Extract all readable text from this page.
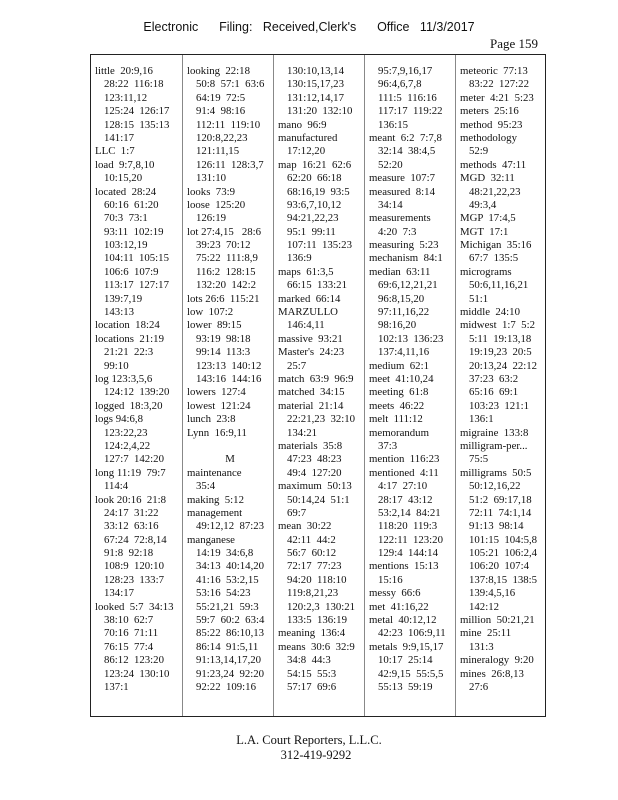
Electronic      Filing:   Received,Clerk's      Office   11/3/2017
Page 159
little  20:9,16
28:22  116:18
123:11,12
125:24  126:17
128:15  135:13
141:17
LLC  1:7
load  9:7,8,10
10:15,20
located  28:24
60:16  61:20
70:3  73:1
93:11  102:19
103:12,19
104:11  105:15
106:6  107:9
113:17  127:17
139:7,19
143:13
location  18:24
locations  21:19
21:21  22:3
99:10
log 123:3,5,6
124:12  139:20
logged  18:3,20
logs 94:6,8
123:22,23
124:2,4,22
127:7  142:20
long 11:19  79:7
114:4
look 20:16  21:8
24:17  31:22
33:12  63:16
67:24  72:8,14
91:8  92:18
108:9  120:10
128:23  133:7
134:17
looked  5:7  34:13
38:10  62:7
70:16  71:11
76:15  77:4
86:12  123:20
123:24  130:10
137:1
looking  22:18
50:8  57:1  63:6
64:19  72:5
91:4  98:16
112:11  119:10
120:8,22,23
121:11,15
126:11  128:3,7
131:10
looks  73:9
loose  125:20
126:19
lot 27:4,15   28:6
39:23  70:12
75:22  111:8,9
116:2  128:15
132:20  142:2
lots 26:6  115:21
low  107:2
lower  89:15
93:19  98:18
99:14  113:3
123:13  140:12
143:16  144:16
lowers  127:4
lowest  121:24
lunch  23:8
Lynn  16:9,11
M
maintenance
35:4
making  5:12
management
49:12,12  87:23
manganese
14:19  34:6,8
34:13  40:14,20
41:16  53:2,15
53:16  54:23
55:21,21  59:3
59:7  60:2  63:4
85:22  86:10,13
86:14  91:5,11
91:13,14,17,20
91:23,24  92:20
92:22  109:16
130:10,13,14
130:15,17,23
131:12,14,17
131:20  132:10
mano  96:9
manufactured
17:12,20
map  16:21  62:6
62:20  66:18
68:16,19  93:5
93:6,7,10,12
94:21,22,23
95:1  99:11
107:11  135:23
136:9
maps  61:3,5
66:15  133:21
marked  66:14
MARZULLO
146:4,11
massive  93:21
Master's  24:23
25:7
match  63:9  96:9
matched  34:15
material  21:14
22:21,23  32:10
134:21
materials  35:8
47:23  48:23
49:4  127:20
maximum  50:13
50:14,24  51:1
69:7
mean  30:22
42:11  44:2
56:7  60:12
72:17  77:23
94:20  118:10
119:8,21,23
120:2,3  130:21
133:5  136:19
meaning  136:4
means  30:6  32:9
34:8  44:3
54:15  55:3
57:17  69:6
95:7,9,16,17
96:4,6,7,8
111:5  116:16
117:17  119:22
136:15
meant  6:2  7:7,8
32:14  38:4,5
52:20
measure  107:7
measured  8:14
34:14
measurements
4:20  7:3
measuring  5:23
mechanism  84:1
median  63:11
69:6,12,21,21
96:8,15,20
97:11,16,22
98:16,20
102:13  136:23
137:4,11,16
medium  62:1
meet  41:10,24
meeting  61:8
meets  46:22
melt  111:12
memorandum
37:3
mention  116:23
mentioned  4:11
4:17  27:10
28:17  43:12
53:2,14  84:21
118:20  119:3
122:11  123:20
129:4  144:14
mentions  15:13
15:16
messy  66:6
met  41:16,22
metal  40:12,12
42:23  106:9,11
metals  9:9,15,17
10:17  25:14
42:9,15  55:5,5
55:13  59:19
meteoric  77:13
83:22  127:22
meter  4:21  5:23
meters  25:16
method  95:23
methodology
52:9
methods  47:11
MGD  32:11
48:21,22,23
49:3,4
MGP  17:4,5
MGT  17:1
Michigan  35:16
67:7  135:5
micrograms
50:6,11,16,21
51:1
middle  24:10
midwest  1:7  5:2
5:11  19:13,18
19:19,23  20:5
20:13,24  22:12
37:23  63:2
65:16  69:1
103:23  121:1
136:1
migraine  133:8
milligram-per...
75:5
milligrams  50:5
50:12,16,22
51:2  69:17,18
72:11  74:1,14
91:13  98:14
101:15  104:5,8
105:21  106:2,4
106:20  107:4
137:8,15  138:5
139:4,5,16
142:12
million  50:21,21
mine  25:11
131:3
mineralogy  9:20
mines  26:8,13
27:6
L.A. Court Reporters, L.L.C.
312-419-9292
